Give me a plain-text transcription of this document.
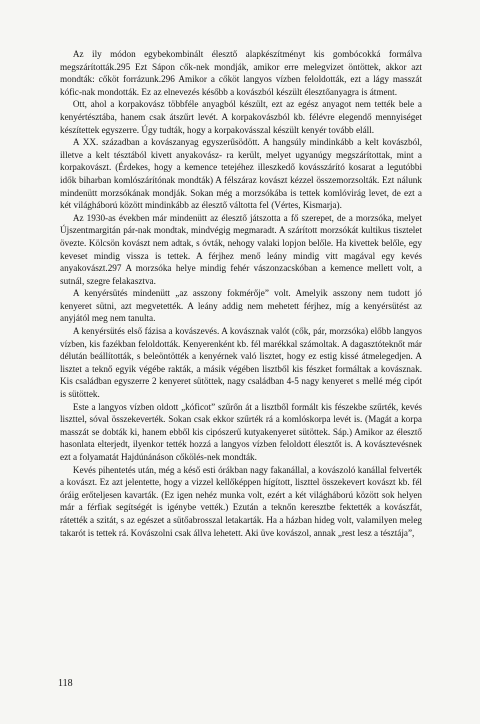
Az ily módon egybekombinált élesztő alapkészítményt kis gombócokká formálva megszárították.295 Ezt Sápon cők-nek mondják, amikor erre melegvizet öntöttek, akkor azt mondták: cőköt forrázunk.296 Amikor a cőköt langyos vízben feloldották, ezt a lágy masszát kófic-nak mondották. Ez az elnevezés később a kovászból készült élesztőanyagra is átment.

Ott, ahol a korpakovász többféle anyagból készült, ezt az egész anyagot nem tették bele a kenyértésztába, hanem csak átszűrt levét. A korpakovászból kb. félévre elegendő mennyiséget készítettek egyszerre. Úgy tudták, hogy a korpakovásszal készült kenyér tovább eláll.

A XX. században a kovászanyag egyszerűsödött. A hangsúly mindinkább a kelt kovászból, illetve a kelt tésztából kivett anyakovász- ra került, melyet ugyanúgy megszárítottak, mint a korpakovászt. (Érdekes, hogy a kemence tetejéhez illeszkedő kovásszárító kosarat a legutóbbi idők biharban komlószárítónak mondták) A félszáraz kovászt kézzel összemorzsolták. Ezt nálunk mindenütt morzsókának mondják. Sokan még a morzsókába is tettek komlóvirág levet, de ezt a két világháború között mindinkább az élesztő váltotta fel (Vértes, Kismarja).

Az 1930-as években már mindenütt az élesztő játszotta a fő szerepet, de a morzsóka, melyet Újszentmargitán pár-nak mondtak, mindvégig megmaradt. A szárított morzsókát kultikus tisztelet övezte. Kölcsön kovászt nem adtak, s óvták, nehogy valaki lopjon belőle. Ha kivettek belőle, egy keveset mindig vissza is tettek. A férjhez menő leány mindig vitt magával egy kevés anyakovászt.297 A morzsóka helye mindig fehér vászonzacskóban a kemence mellett volt, a sutnál, szegre felakasztva.

A kenyérsütés mindenütt „az asszony fokmérője” volt. Amelyik asszony nem tudott jó kenyeret sütni, azt megvetették. A leány addig nem mehetett férjhez, míg a kenyérsütést az anyjától meg nem tanulta.

A kenyérsütés első fázisa a kovászevés. A kovásznak valót (cők, pár, morzsóka) előbb langyos vízben, kis fazékban feloldották. Kenyerenként kb. fél marékkal számoltak. A dagasztóteknőt már délután beállították, s beleöntötték a kenyérnek való lisztet, hogy ez estig kissé átmelegedjen. A lisztet a teknő egyik végébe rakták, a másik végében lisztből kis fészket formáltak a kovásznak. Kis családban egyszerre 2 kenyeret sütöttek, nagy családban 4-5 nagy kenyeret s mellé még cipót is sütöttek.

Este a langyos vízben oldott „kóficot” szűrőn át a lisztből formált kis fészekbe szűrték, kevés liszttel, sóval összekeverték. Sokan csak ekkor szűrték rá a komlóskorpa levét is. (Magát a korpa masszát se dobták ki, hanem ebből kis cipószerű kutyakenyeret sütöttek. Sáp.) Amikor az élesztő hasonlata elterjedt, ilyenkor tették hozzá a langyos vízben feloldott élesztőt is. A kovásztevésnek ezt a folyamatát Hajdúnánáson cőkölés-nek mondták.

Kevés pihentetés után, még a késő esti órákban nagy fakanállal, a kovászoló kanállal felverték a kovászt. Ez azt jelentette, hogy a vizzel kellőképpen hígított, liszttel összekevert kovászt kb. fél óráig erőteljesen kavarták. (Ez igen nehéz munka volt, ezért a két világháború között sok helyen már a férfiak segítségét is igénybe vették.) Ezután a teknőn keresztbe fektették a kovászfát, rátették a szitát, s az egészet a sütőabrosszal letakarták. Ha a házban hideg volt, valamilyen meleg takarót is tettek rá. Kovászolni csak állva lehetett. Aki üve kovászol, annak „rest lesz a tésztája”,

118
